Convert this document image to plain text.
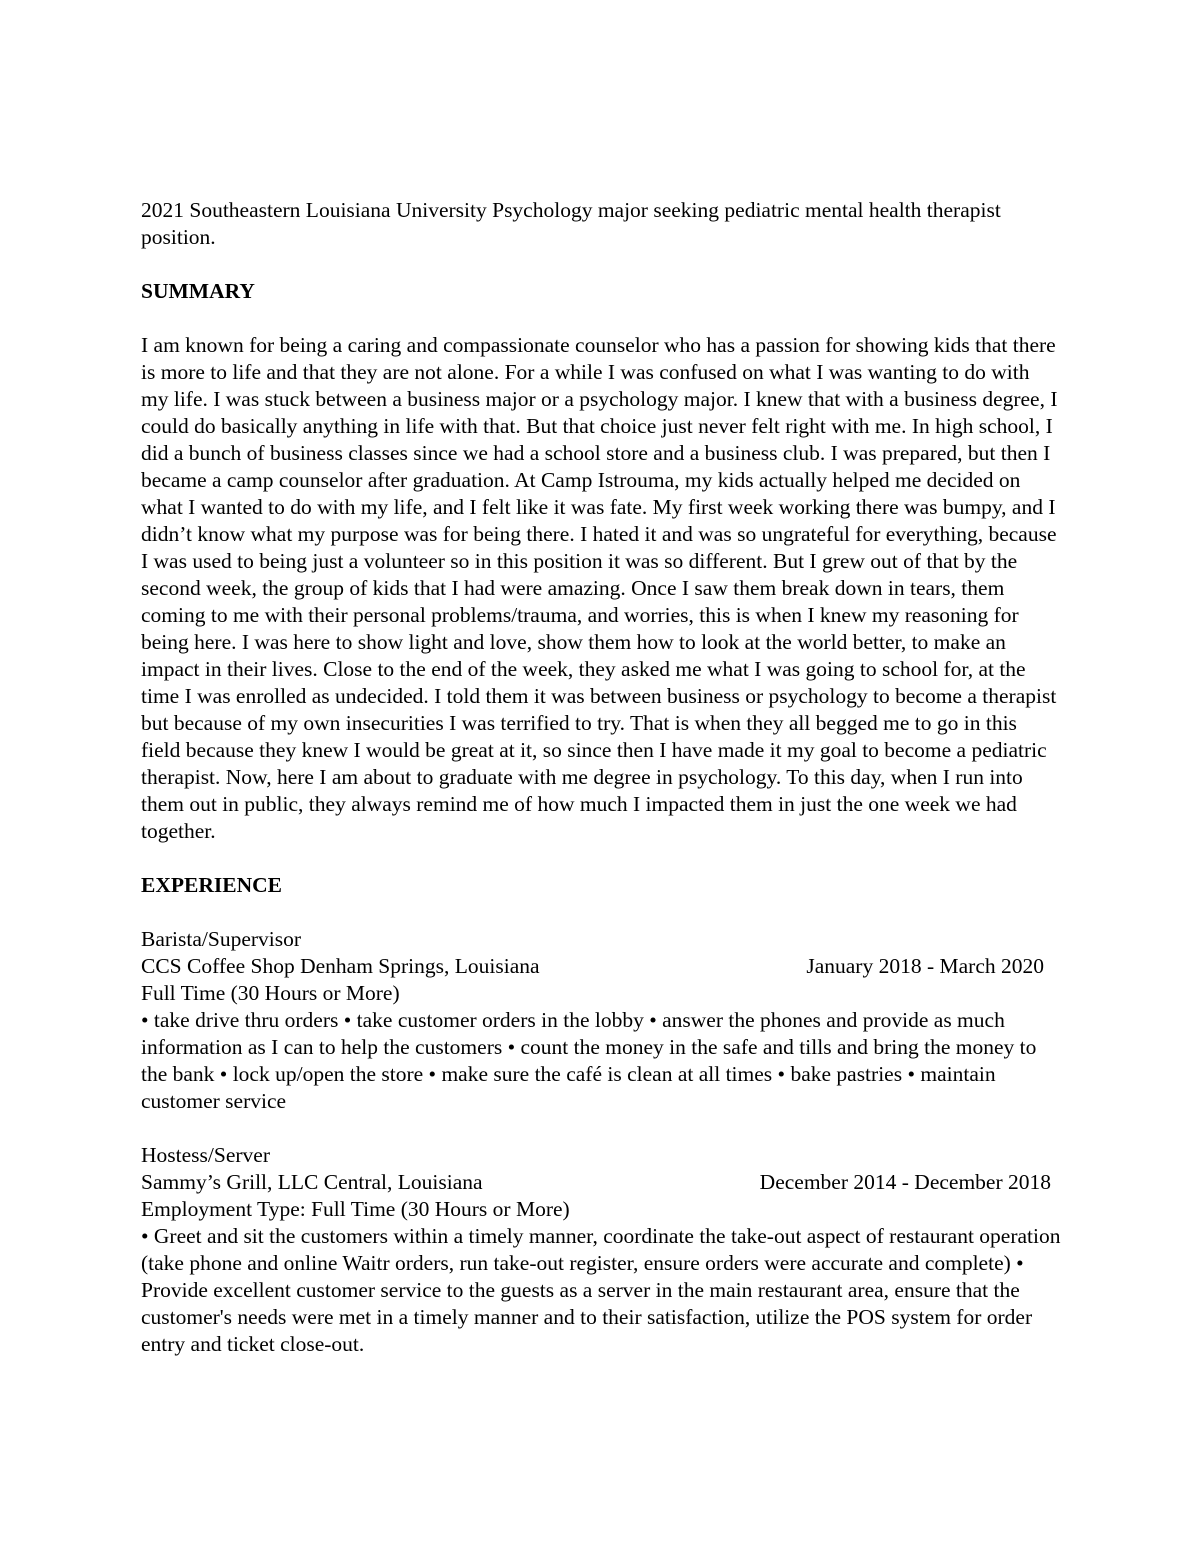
2021 Southeastern Louisiana University Psychology major seeking pediatric mental health therapist position.

SUMMARY

I am known for being a caring and compassionate counselor who has a passion for showing kids that there is more to life and that they are not alone. For a while I was confused on what I was wanting to do with my life. I was stuck between a business major or a psychology major. I knew that with a business degree, I could do basically anything in life with that. But that choice just never felt right with me. In high school, I did a bunch of business classes since we had a school store and a business club. I was prepared, but then I became a camp counselor after graduation. At Camp Istrouma, my kids actually helped me decided on what I wanted to do with my life, and I felt like it was fate. My first week working there was bumpy, and I didn’t know what my purpose was for being there. I hated it and was so ungrateful for everything, because I was used to being just a volunteer so in this position it was so different. But I grew out of that by the second week, the group of kids that I had were amazing. Once I saw them break down in tears, them coming to me with their personal problems/trauma, and worries, this is when I knew my reasoning for being here. I was here to show light and love, show them how to look at the world better, to make an impact in their lives. Close to the end of the week, they asked me what I was going to school for, at the time I was enrolled as undecided. I told them it was between business or psychology to become a therapist but because of my own insecurities I was terrified to try. That is when they all begged me to go in this field because they knew I would be great at it, so since then I have made it my goal to become a pediatric therapist. Now, here I am about to graduate with me degree in psychology. To this day, when I run into them out in public, they always remind me of how much I impacted them in just the one week we had together.

EXPERIENCE

Barista/Supervisor

CCS Coffee Shop Denham Springs, Louisiana	January 2018 - March 2020

Full Time (30 Hours or More)

• take drive thru orders • take customer orders in the lobby • answer the phones and provide as much information as I can to help the customers • count the money in the safe and tills and bring the money to the bank • lock up/open the store • make sure the café is clean at all times • bake pastries • maintain customer service

Hostess/Server

Sammy’s Grill, LLC Central, Louisiana	December 2014 - December 2018

Employment Type: Full Time (30 Hours or More)

• Greet and sit the customers within a timely manner, coordinate the take-out aspect of restaurant operation (take phone and online Waitr orders, run take-out register, ensure orders were accurate and complete) • Provide excellent customer service to the guests as a server in the main restaurant area, ensure that the customer's needs were met in a timely manner and to their satisfaction, utilize the POS system for order entry and ticket close-out.
